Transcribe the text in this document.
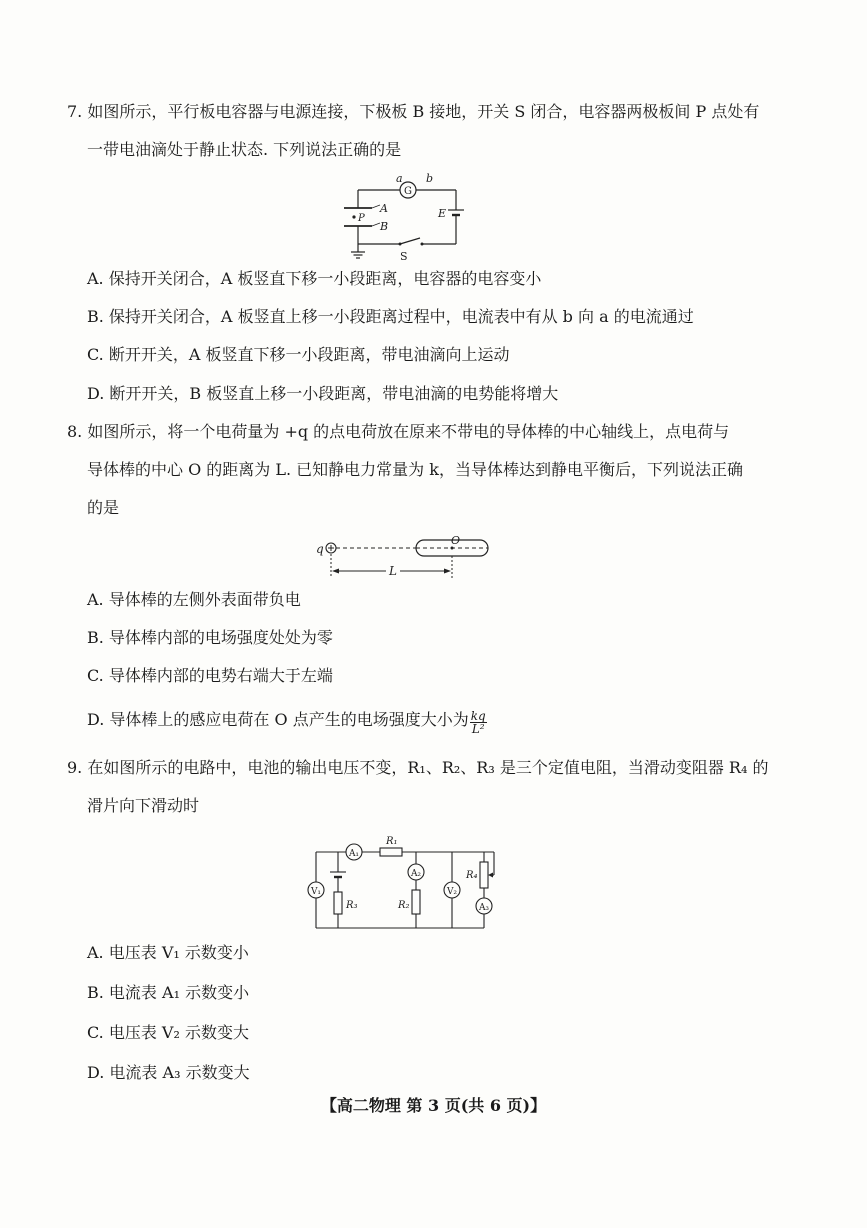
7. 如图所示，平行板电容器与电源连接，下极板 B 接地，开关 S 闭合，电容器两极板间 P 点处有
一带电油滴处于静止状态. 下列说法正确的是
G
a b
P
A
B
S
E
A. 保持开关闭合，A 板竖直下移一小段距离，电容器的电容变小
B. 保持开关闭合，A 板竖直上移一小段距离过程中，电流表中有从 b 向 a 的电流通过
C. 断开开关，A 板竖直下移一小段距离，带电油滴向上运动
D. 断开开关，B 板竖直上移一小段距离，带电油滴的电势能将增大
8. 如图所示，将一个电荷量为 +q 的点电荷放在原来不带电的导体棒的中心轴线上，点电荷与
导体棒的中心 O 的距离为 L. 已知静电力常量为 k，当导体棒达到静电平衡后，下列说法正确
的是
q
O
L
A. 导体棒的左侧外表面带负电
B. 导体棒内部的电场强度处处为零
C. 导体棒内部的电势右端大于左端
D. 导体棒上的感应电荷在 O 点产生的电场强度大小为 $\frac{kq}{\text{L²}}$
9. 在如图所示的电路中，电池的输出电压不变，R₁、R₂、R₃ 是三个定值电阻，当滑动变阻器 R₄ 的
滑片向下滑动时
A₁
R₁
V₁
R₃
A₂
R₂
V₂
R₄
A₃
A. 电压表 V₁ 示数变小
B. 电流表 A₁ 示数变小
C. 电压表 V₂ 示数变大
D. 电流表 A₃ 示数变大
【高二物理 第 3 页(共 6 页)】
